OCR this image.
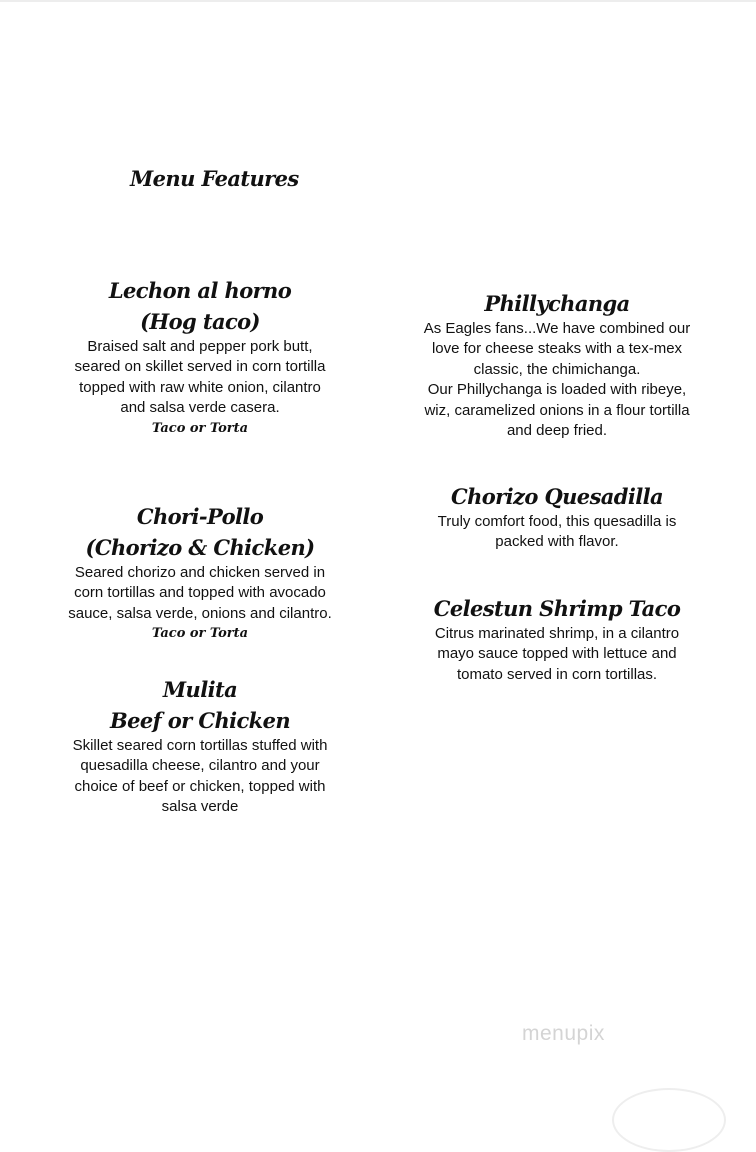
Menu Features
Lechon al horno
(Hog taco)
Braised salt and pepper pork butt,
seared on skillet served in corn tortilla
topped with raw white onion, cilantro
and salsa verde casera.
Taco or Torta
Chori-Pollo
(Chorizo & Chicken)
Seared chorizo and chicken served in
corn tortillas and topped with avocado
sauce, salsa verde, onions and cilantro.
Taco or Torta
Mulita
Beef or Chicken
Skillet seared corn tortillas stuffed with
quesadilla cheese, cilantro and your
choice of beef or chicken, topped with
salsa verde
Phillychanga
As Eagles fans...We have combined our
love for cheese steaks with a tex-mex
classic, the chimichanga.
Our Phillychanga is loaded with ribeye,
wiz, caramelized onions in a flour tortilla
and deep fried.
Chorizo Quesadilla
Truly comfort food, this quesadilla is
packed with flavor.
Celestun Shrimp Taco
Citrus marinated shrimp, in a cilantro
mayo sauce topped with lettuce and
tomato served in corn tortillas.
menupix
